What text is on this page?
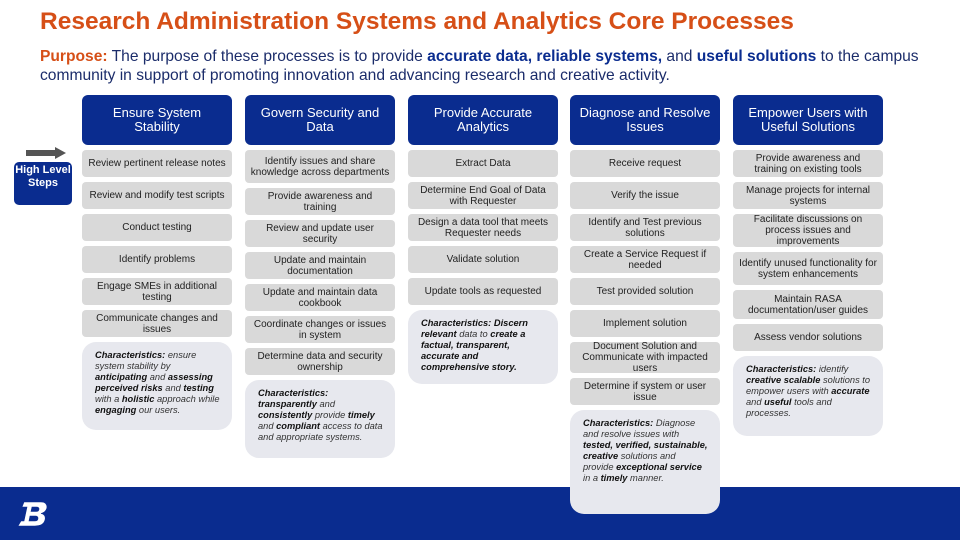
Research Administration Systems and Analytics Core Processes
Purpose: The purpose of these processes is to provide accurate data, reliable systems, and useful solutions to the campus community in support of promoting innovation and advancing research and creative activity.
High Level Steps
Ensure System Stability
Review pertinent release notes
Review and modify test scripts
Conduct testing
Identify problems
Engage SMEs in additional testing
Communicate changes and issues
Characteristics: ensure system stability by anticipating and assessing perceived risks and testing with a holistic approach while engaging our users.
Govern Security and Data
Identify issues and share knowledge across departments
Provide awareness and training
Review and update user security
Update and maintain documentation
Update and maintain data cookbook
Coordinate changes or issues in system
Determine data and security ownership
Characteristics: transparently and consistently provide timely and compliant access to data and appropriate systems.
Provide Accurate Analytics
Extract Data
Determine End Goal of Data with Requester
Design a data tool that meets Requester needs
Validate solution
Update tools as requested
Characteristics: Discern relevant data to create a factual, transparent, accurate and comprehensive story.
Diagnose and Resolve Issues
Receive request
Verify the issue
Identify and Test previous solutions
Create a Service Request if needed
Test provided solution
Implement solution
Document Solution and Communicate with impacted users
Determine if system or user issue
Characteristics: Diagnose and resolve issues with tested, verified, sustainable, creative solutions and provide exceptional service in a timely manner.
Empower Users with Useful Solutions
Provide awareness and training on existing tools
Manage projects for internal systems
Facilitate discussions on process issues and improvements
Identify unused functionality for system enhancements
Maintain RASA documentation/user guides
Assess vendor solutions
Characteristics: identify creative scalable solutions to empower users with accurate and useful tools and processes.
